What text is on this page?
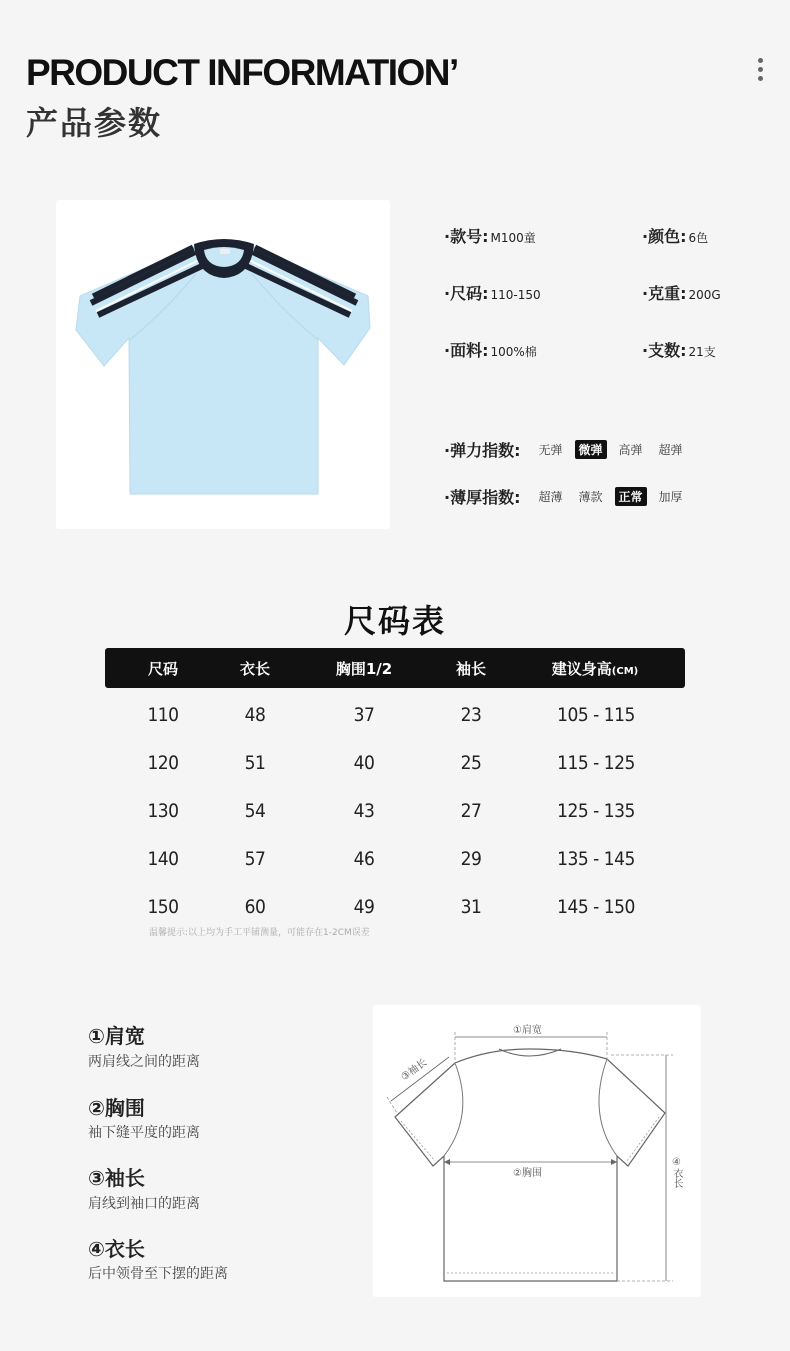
PRODUCT INFORMATION’
产品参数
·款号: M100童	·颜色: 6色
·尺码: 110-150	·克重: 200G
·面料: 100%棉	·支数: 21支
·弹力指数:	无弹	微弹	高弹	超弹
·薄厚指数:	超薄	薄款	正常	加厚
尺码表
尺码	衣长	胸围1/2	袖长	建议身高(CM)
110	48	37	23	105 - 115
120	51	40	25	115 - 125
130	54	43	27	125 - 135
140	57	46	29	135 - 145
150	60	49	31	145 - 150
温馨提示:以上均为手工平铺测量，可能存在1-2CM误差
①肩宽
两肩线之间的距离
②胸围
袖下缝平度的距离
③袖长
肩线到袖口的距离
④衣长
后中领骨至下摆的距离
①肩宽
②胸围
③袖长
④衣长
